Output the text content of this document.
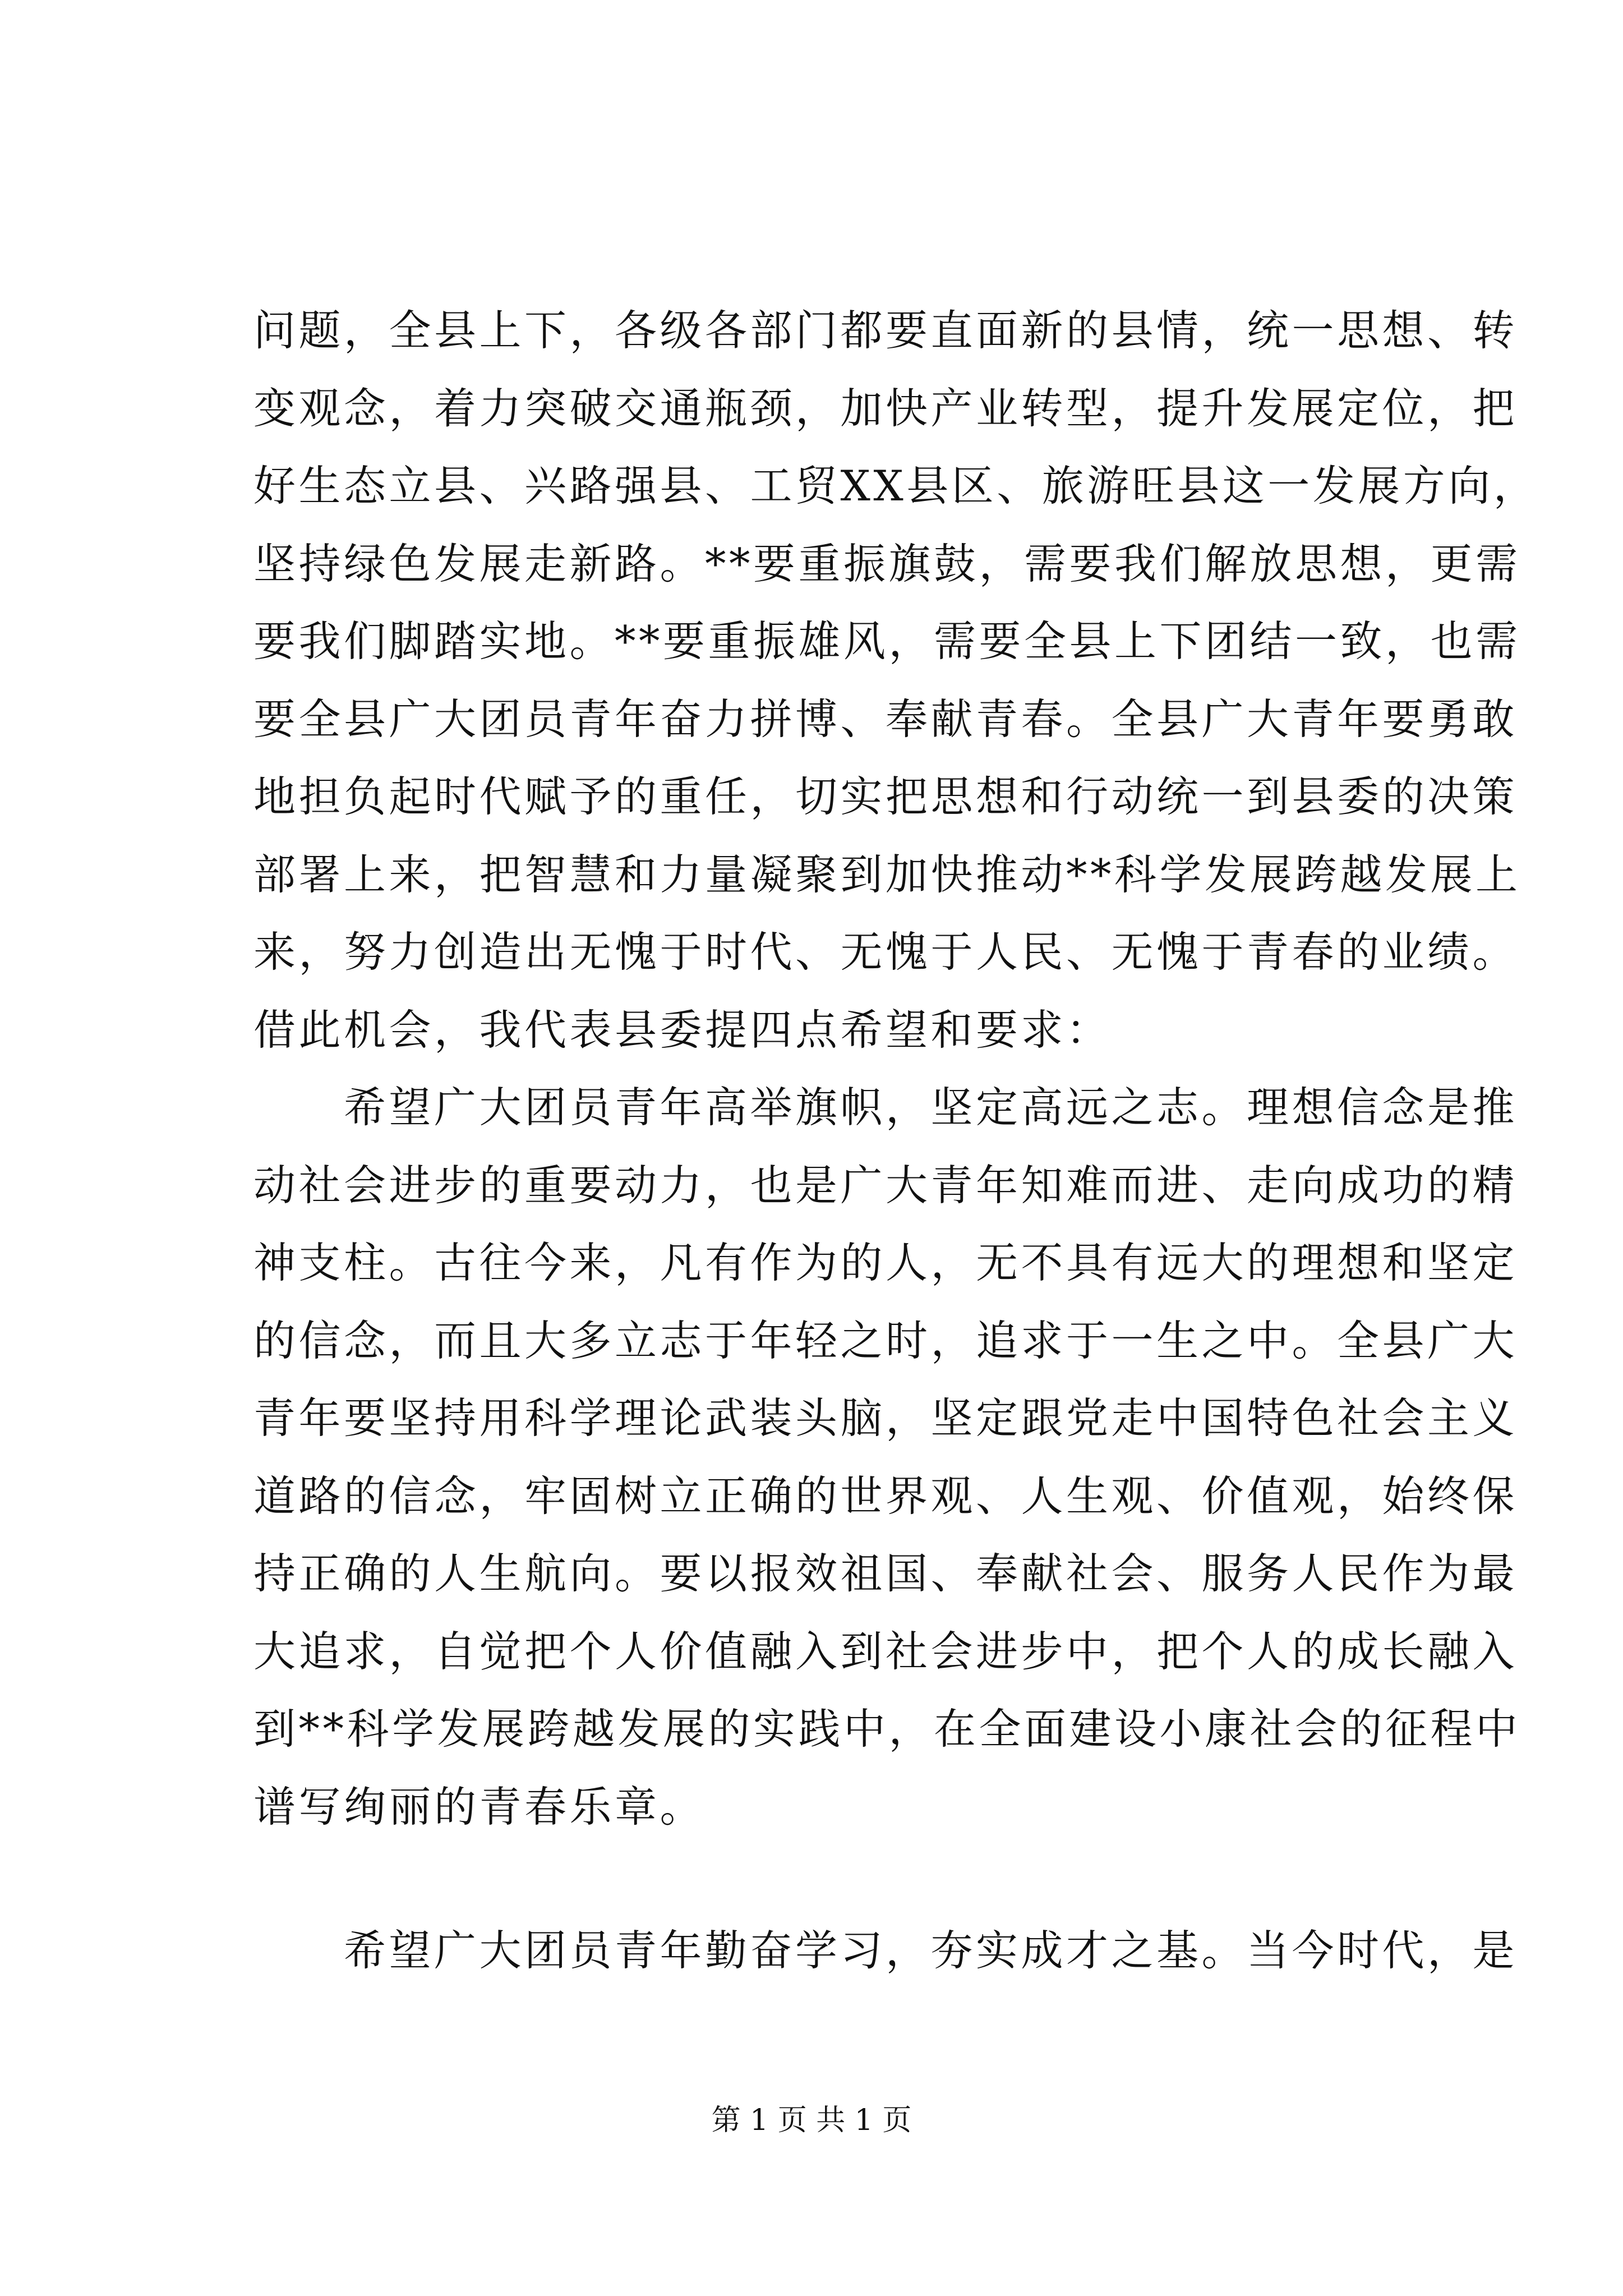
问题，全县上下，各级各部门都要直面新的县情，统一思想、转
变观念，着力突破交通瓶颈，加快产业转型，提升发展定位，把
好生态立县、兴路强县、工贸XX县区、旅游旺县这一发展方向，
坚持绿色发展走新路。**要重振旗鼓，需要我们解放思想，更需
要我们脚踏实地。**要重振雄风，需要全县上下团结一致，也需
要全县广大团员青年奋力拼博、奉献青春。全县广大青年要勇敢
地担负起时代赋予的重任，切实把思想和行动统一到县委的决策
部署上来，把智慧和力量凝聚到加快推动**科学发展跨越发展上
来，努力创造出无愧于时代、无愧于人民、无愧于青春的业绩。
借此机会，我代表县委提四点希望和要求：
　　希望广大团员青年高举旗帜，坚定高远之志。理想信念是推
动社会进步的重要动力，也是广大青年知难而进、走向成功的精
神支柱。古往今来，凡有作为的人，无不具有远大的理想和坚定
的信念，而且大多立志于年轻之时，追求于一生之中。全县广大
青年要坚持用科学理论武装头脑，坚定跟党走中国特色社会主义
道路的信念，牢固树立正确的世界观、人生观、价值观，始终保
持正确的人生航向。要以报效祖国、奉献社会、服务人民作为最
大追求，自觉把个人价值融入到社会进步中，把个人的成长融入
到**科学发展跨越发展的实践中，在全面建设小康社会的征程中
谱写绚丽的青春乐章。
　　希望广大团员青年勤奋学习，夯实成才之基。当今时代，是
第 1 页 共 1 页
